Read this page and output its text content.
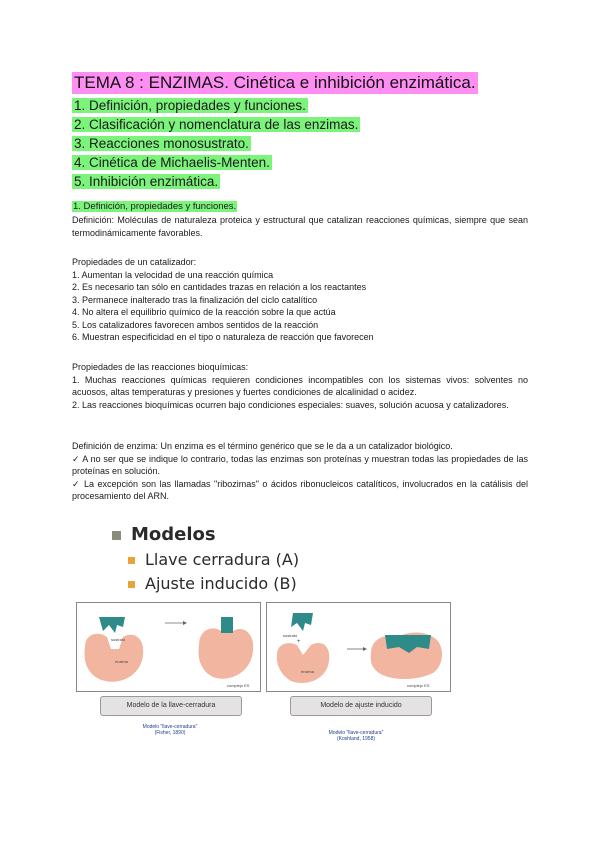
TEMA 8 : ENZIMAS. Cinética e inhibición enzimática.
1. Definición, propiedades y funciones.
2. Clasificación y nomenclatura de las enzimas.
3. Reacciones monosustrato.
4. Cinética de Michaelis-Menten.
5. Inhibición enzimática.
1. Definición, propiedades y funciones.

Definición: Moléculas de naturaleza proteica y estructural que catalizan reacciones químicas, siempre que sean termodinámicamente favorables.

Propiedades de un catalizador:

1. Aumentan la velocidad de una reacción química

2. Es necesario tan sólo en cantidades trazas en relación a los reactantes

3. Permanece inalterado tras la finalización del ciclo catalítico

4. No altera el equilibrio químico de la reacción sobre la que actúa

5. Los catalizadores favorecen ambos sentidos de la reacción

6. Muestran especificidad en el tipo o naturaleza de reacción que favorecen

Propiedades de las reacciones bioquímicas:

1. Muchas reacciones químicas requieren condiciones incompatibles con los sistemas vivos: solventes no acuosos, altas temperaturas y presiones y fuertes condiciones de alcalinidad o acidez.

2. Las reacciones bioquímicas ocurren bajo condiciones especiales: suaves, solución acuosa y catalizadores.

Definición de enzima: Un enzima es el término genérico que se le da a un catalizador biológico.

✓ A no ser que se indique lo contrario, todas las enzimas son proteínas y muestran todas las propiedades de las proteínas en solución.

✓ La excepción son las llamadas "ribozimas" o ácidos ribonucleicos catalíticos, involucrados en la catálisis del procesamiento del ARN.

Modelos
Llave cerradura (A)
Ajuste inducido (B)
sustrato
enzima
complejo ES
+
sustrato
enzima
complejo ES
Modelo de la llave-cerradura	Modelo de ajuste inducido
Modelo "llave-cerradura"
(Fisher, 1890)	Modelo "llave-cerradura"
(Koshland, 1958)
